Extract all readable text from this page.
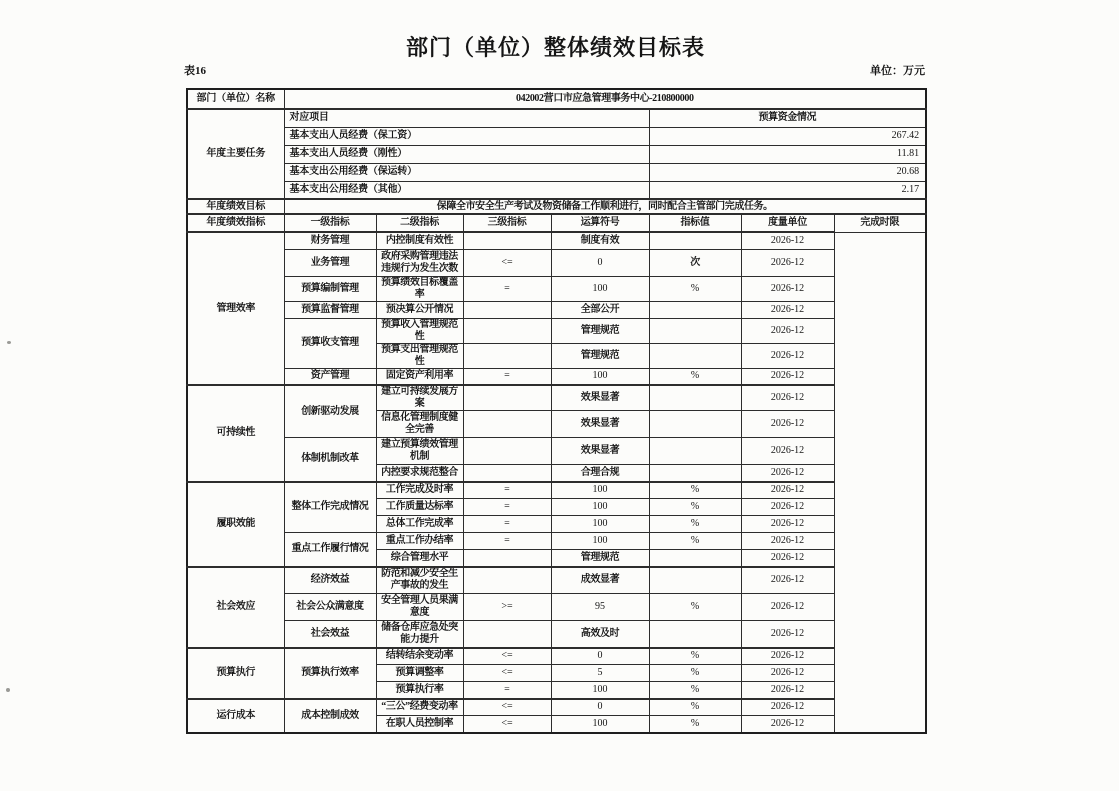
部门（单位）整体绩效目标表
表16	单位：万元
部门（单位）名称	042002营口市应急管理事务中心-210800000						
年度主要任务	对应项目				预算资金情况		
	基本支出人员经费（保工资）				267.42		
	基本支出人员经费（刚性）				11.81		
	基本支出公用经费（保运转）				20.68		
	基本支出公用经费（其他）				2.17		
年度绩效目标	保障全市安全生产考试及物资储备工作顺利进行，同时配合主管部门完成任务。						
年度绩效指标	一级指标	二级指标	三级指标	运算符号	指标值	度量单位	完成时限
管理效率	财务管理	内控制度有效性		制度有效		2026-12	
	业务管理	政府采购管理违法违规行为发生次数	<=	0	次	2026-12	
	预算编制管理	预算绩效目标覆盖率	=	100	%	2026-12	
	预算监督管理	预决算公开情况		全部公开		2026-12	
	预算收支管理	预算收入管理规范性		管理规范		2026-12	
		预算支出管理规范性		管理规范		2026-12	
	资产管理	固定资产利用率	=	100	%	2026-12	
可持续性	创新驱动发展	建立可持续发展方案		效果显著		2026-12	
		信息化管理制度健全完善		效果显著		2026-12	
	体制机制改革	建立预算绩效管理机制		效果显著		2026-12	
		内控要求规范整合		合理合规		2026-12	
履职效能	整体工作完成情况	工作完成及时率	=	100	%	2026-12	
		工作质量达标率	=	100	%	2026-12	
		总体工作完成率	=	100	%	2026-12	
	重点工作履行情况	重点工作办结率	=	100	%	2026-12	
		综合管理水平		管理规范		2026-12	
社会效应	经济效益	防范和减少安全生产事故的发生		成效显著		2026-12	
	社会公众满意度	安全管理人员果满意度	>=	95	%	2026-12	
	社会效益	储备仓库应急处突能力提升		高效及时		2026-12	
预算执行	预算执行效率	结转结余变动率	<=	0	%	2026-12	
		预算调整率	<=	5	%	2026-12	
		预算执行率	=	100	%	2026-12	
运行成本	成本控制成效	“三公”经费变动率	<=	0	%	2026-12	
		在职人员控制率	<=	100	%	2026-12	
